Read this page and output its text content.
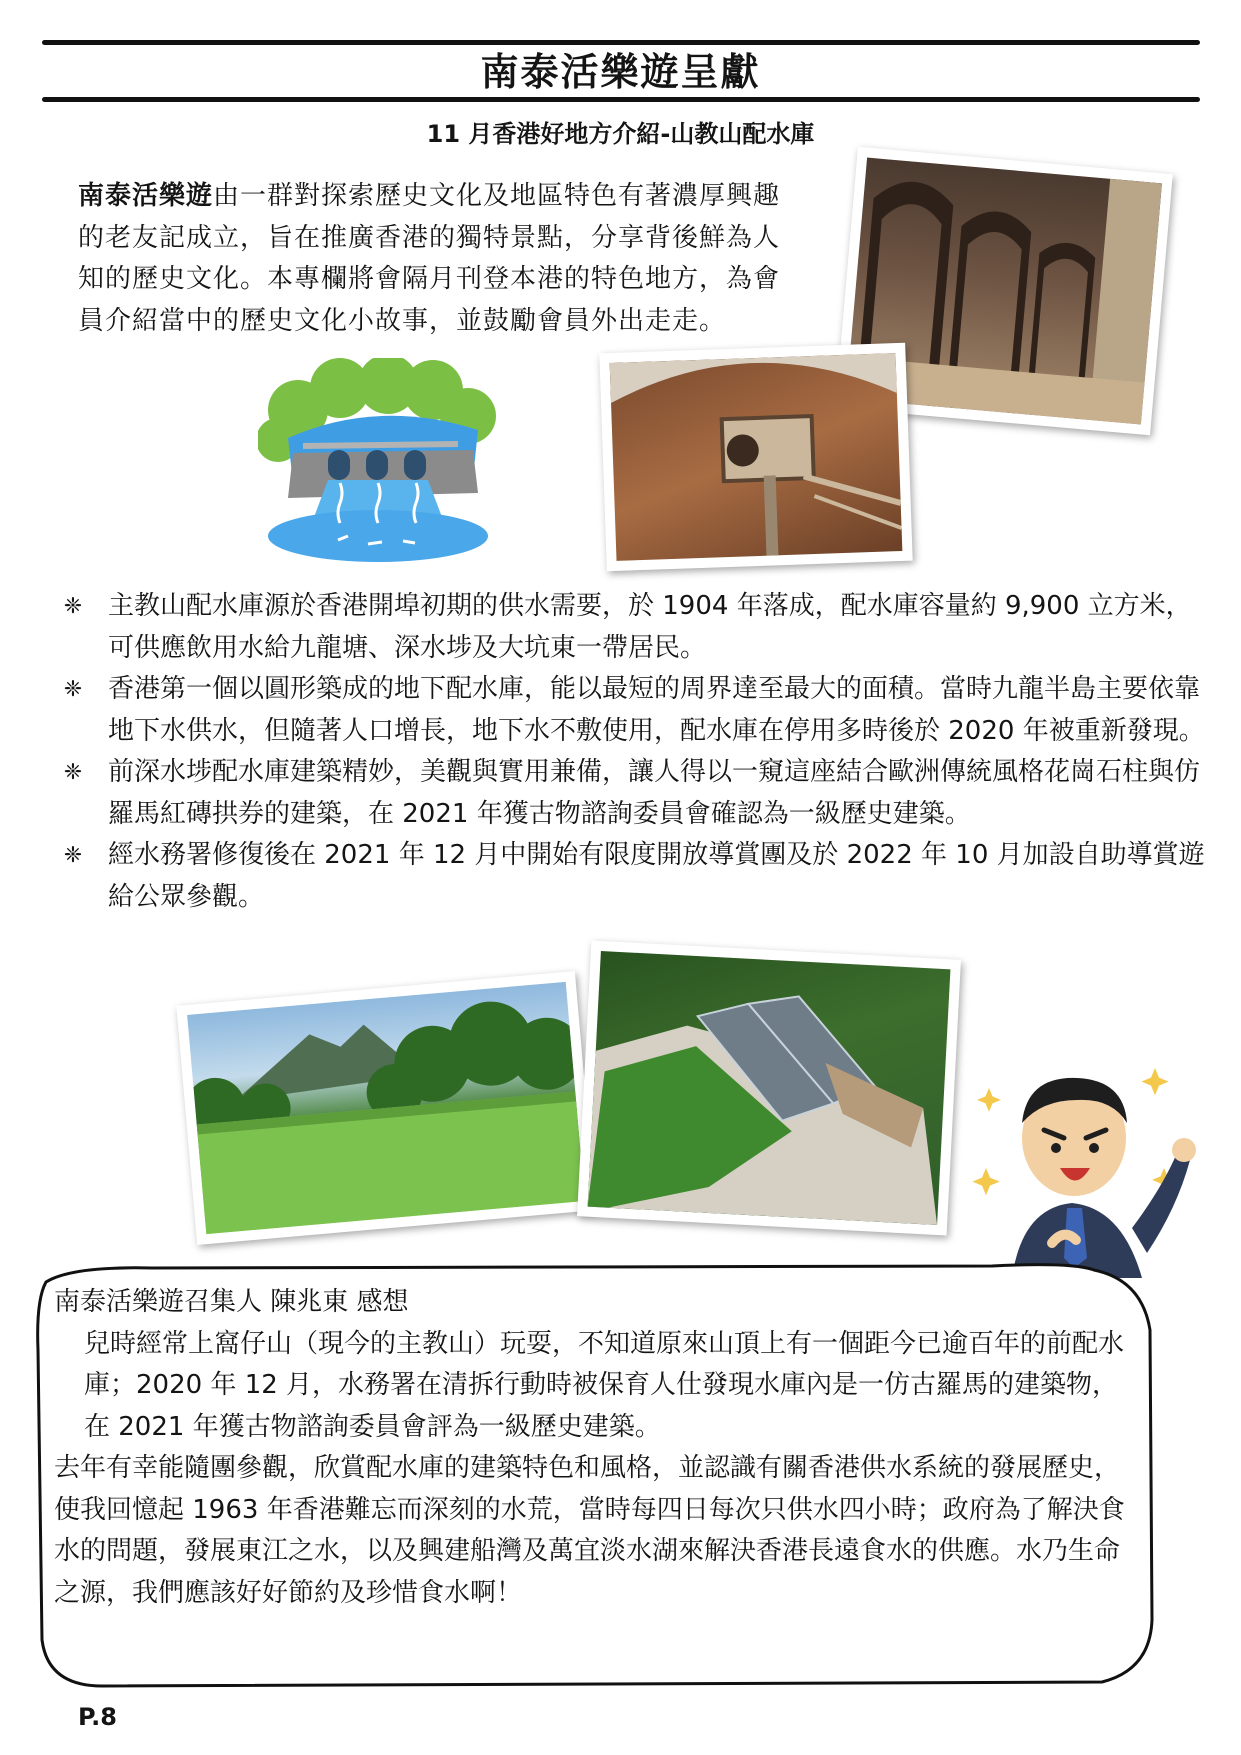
南泰活樂遊呈獻
11 月香港好地方介紹-山教山配水庫
南泰活樂遊由一群對探索歷史文化及地區特色有著濃厚興趣的老友記成立，旨在推廣香港的獨特景點，分享背後鮮為人知的歷史文化。本專欄將會隔月刊登本港的特色地方，為會員介紹當中的歷史文化小故事，並鼓勵會員外出走走。
❈ 主教山配水庫源於香港開埠初期的供水需要，於 1904 年落成，配水庫容量約 9,900 立方米，可供應飲用水給九龍塘、深水埗及大坑東一帶居民。
❈ 香港第一個以圓形築成的地下配水庫，能以最短的周界達至最大的面積。當時九龍半島主要依靠地下水供水，但隨著人口增長，地下水不敷使用，配水庫在停用多時後於 2020 年被重新發現。
❈ 前深水埗配水庫建築精妙，美觀與實用兼備，讓人得以一窺這座結合歐洲傳統風格花崗石柱與仿羅馬紅磚拱券的建築，在 2021 年獲古物諮詢委員會確認為一級歷史建築。
❈ 經水務署修復後在 2021 年 12 月中開始有限度開放導賞團及於 2022 年 10 月加設自助導賞遊給公眾參觀。

南泰活樂遊召集人 陳兆東 感想

兒時經常上窩仔山（現今的主教山）玩耍，不知道原來山頂上有一個距今已逾百年的前配水庫；2020 年 12 月，水務署在清拆行動時被保育人仕發現水庫內是一仿古羅馬的建築物，在 2021 年獲古物諮詢委員會評為一級歷史建築。

去年有幸能隨團參觀，欣賞配水庫的建築特色和風格，並認識有關香港供水系統的發展歷史，使我回憶起 1963 年香港難忘而深刻的水荒，當時每四日每次只供水四小時；政府為了解決食水的問題，發展東江之水，以及興建船灣及萬宜淡水湖來解決香港長遠食水的供應。水乃生命之源，我們應該好好節約及珍惜食水啊！

P.8
